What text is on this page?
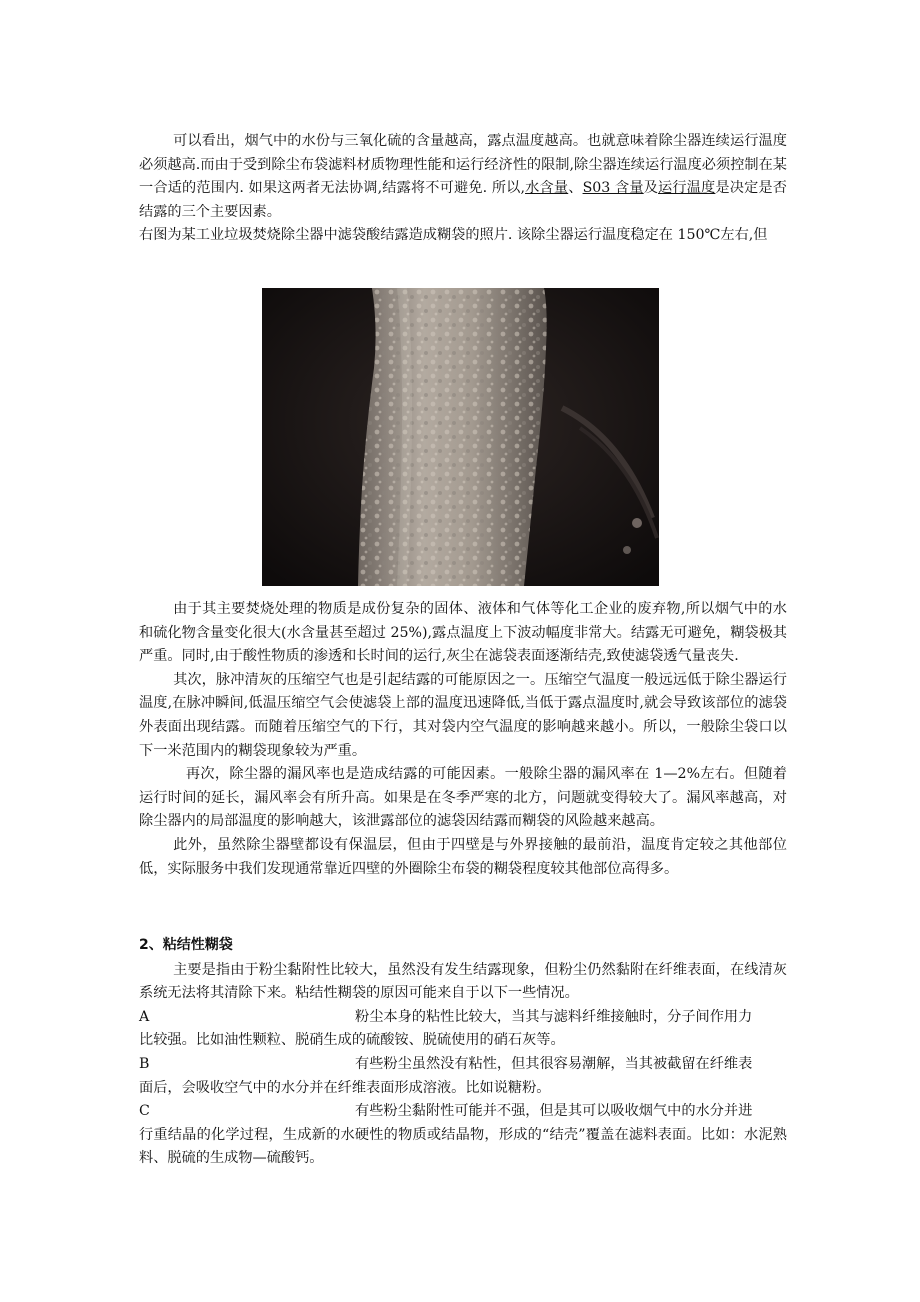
可以看出，烟气中的水份与三氧化硫的含量越高，露点温度越高。也就意味着除尘器连续运行温度必须越高.而由于受到除尘布袋滤料材质物理性能和运行经济性的限制,除尘器连续运行温度必须控制在某一合适的范围内. 如果这两者无法协调,结露将不可避免. 所以,水含量、S03 含量及运行温度是决定是否结露的三个主要因素。

右图为某工业垃圾焚烧除尘器中滤袋酸结露造成糊袋的照片. 该除尘器运行温度稳定在 150℃左右,但

由于其主要焚烧处理的物质是成份复杂的固体、液体和气体等化工企业的废弃物,所以烟气中的水和硫化物含量变化很大(水含量甚至超过 25%),露点温度上下波动幅度非常大。结露无可避免，糊袋极其严重。同时,由于酸性物质的渗透和长时间的运行,灰尘在滤袋表面逐渐结壳,致使滤袋透气量丧失.

其次，脉冲清灰的压缩空气也是引起结露的可能原因之一。压缩空气温度一般远远低于除尘器运行温度,在脉冲瞬间,低温压缩空气会使滤袋上部的温度迅速降低,当低于露点温度时,就会导致该部位的滤袋外表面出现结露。而随着压缩空气的下行，其对袋内空气温度的影响越来越小。所以，一般除尘袋口以下一米范围内的糊袋现象较为严重。

再次，除尘器的漏风率也是造成结露的可能因素。一般除尘器的漏风率在 1—2%左右。但随着运行时间的延长，漏风率会有所升高。如果是在冬季严寒的北方，问题就变得较大了。漏风率越高，对除尘器内的局部温度的影响越大，该泄露部位的滤袋因结露而糊袋的风险越来越高。

此外，虽然除尘器壁都设有保温层，但由于四壁是与外界接触的最前沿，温度肯定较之其他部位低，实际服务中我们发现通常靠近四壁的外圈除尘布袋的糊袋程度较其他部位高得多。

2、粘结性糊袋

主要是指由于粉尘黏附性比较大，虽然没有发生结露现象，但粉尘仍然黏附在纤维表面，在线清灰系统无法将其清除下来。粘结性糊袋的原因可能来自于以下一些情况。

A	粉尘本身的粘性比较大，当其与滤料纤维接触时，分子间作用力
比较强。比如油性颗粒、脱硝生成的硫酸铵、脱硫使用的硝石灰等。
B	有些粉尘虽然没有粘性，但其很容易潮解，当其被截留在纤维表
面后，会吸收空气中的水分并在纤维表面形成溶液。比如说糖粉。
C	有些粉尘黏附性可能并不强，但是其可以吸收烟气中的水分并进
行重结晶的化学过程，生成新的水硬性的物质或结晶物，形成的“结壳”覆盖在滤料表面。比如：水泥熟料、脱硫的生成物—硫酸钙。
